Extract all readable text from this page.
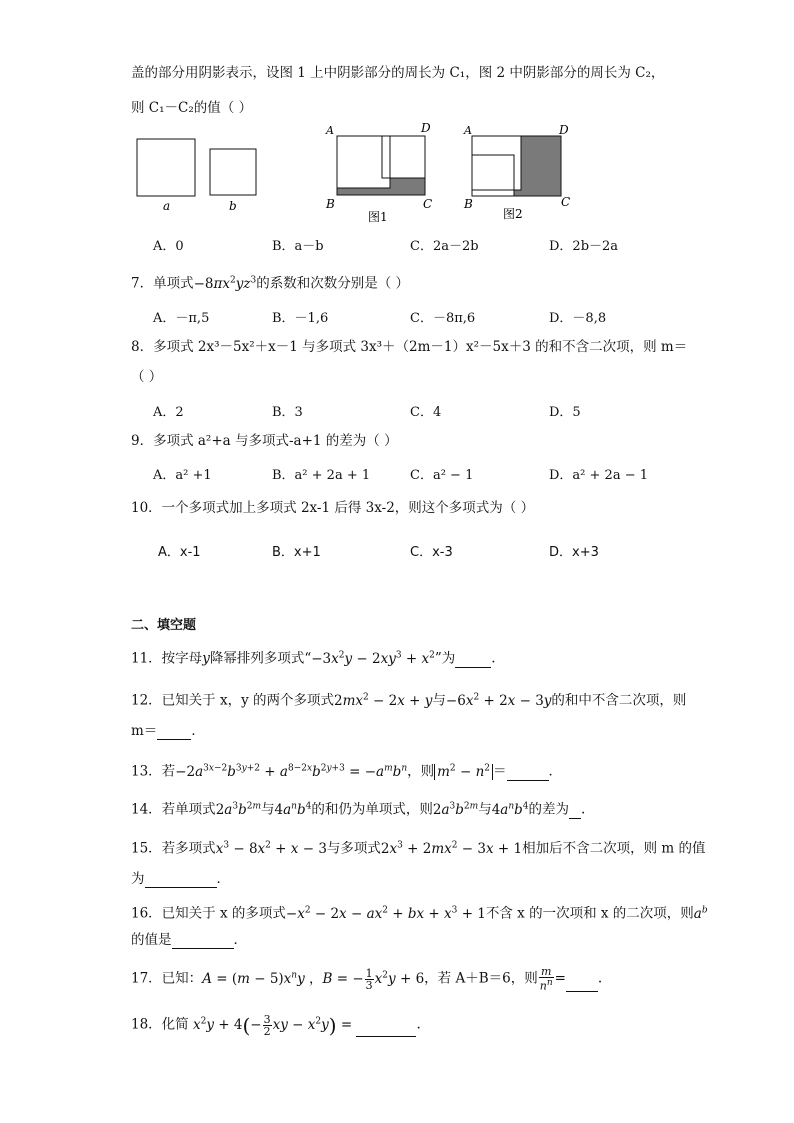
盖的部分用阴影表示，设图 1 上中阴影部分的周长为 C₁，图 2 中阴影部分的周长为 C₂，
则 C₁－C₂的值（ ）
a	b
A	D
B	C
图1
A	D
B	C
图2
A．0	B．a－b	C．2a－2b	D．2b－2a
7．单项式$-8\pi x^2yz^3$的系数和次数分别是（ ）
A．－π,5	B．－1,6	C．－8π,6	D．－8,8
8．多项式 2x³－5x²＋x－1 与多项式 3x³＋（2m－1）x²－5x＋3 的和不含二次项，则 m＝
（ ）
A．2	B．3	C．4	D．5
9．多项式 a²+a 与多项式-a+1 的差为（ ）
A．a² +1	B．a² + 2a + 1	C．a² − 1	D．a² + 2a − 1
10．一个多项式加上多项式 2x-1 后得 3x-2，则这个多项式为（ ）
A．x-1	B．x+1	C．x-3	D．x+3
二、填空题
11．按字母y降幂排列多项式“$-3x^2y - 2xy^3 + x^2$”为	.
12．已知关于 x，y 的两个多项式$2mx^2 - 2x + y$与$-6x^2 + 2x - 3y$的和中不含二次项，则
m＝	．
13．若$-2a^{3x-2}b^{3y+2} + a^{8-2x}b^{2y+3} = -a^mb^n$，则 $m^2 - n^2$ ＝	．
14．若单项式$2a^3b^{2m}$与$4a^nb^4$的和仍为单项式，则$2a^3b^{2m}$与$4a^nb^4$的差为 .
15．若多项式$x^3 - 8x^2 + x - 3$与多项式$2x^3 + 2mx^2 - 3x + 1$相加后不含二次项，则 m 的值
为	．
16．已知关于 x 的多项式$-x^2 - 2x - ax^2$ + bx + $x^3 + 1$不含 x 的一次项和 x 的二次项，则$a^b$
的值是	．
17．已知：$A = (m - 5)x^ny$ ，B = − $\frac{1}{3} x^2y + 6$，若 A＋B＝6，则 $\frac{m}{n^n}$ = .
18．化简 $x^2y + 4(- \frac{3}{2}$ xy − $x^2y$) =	.
